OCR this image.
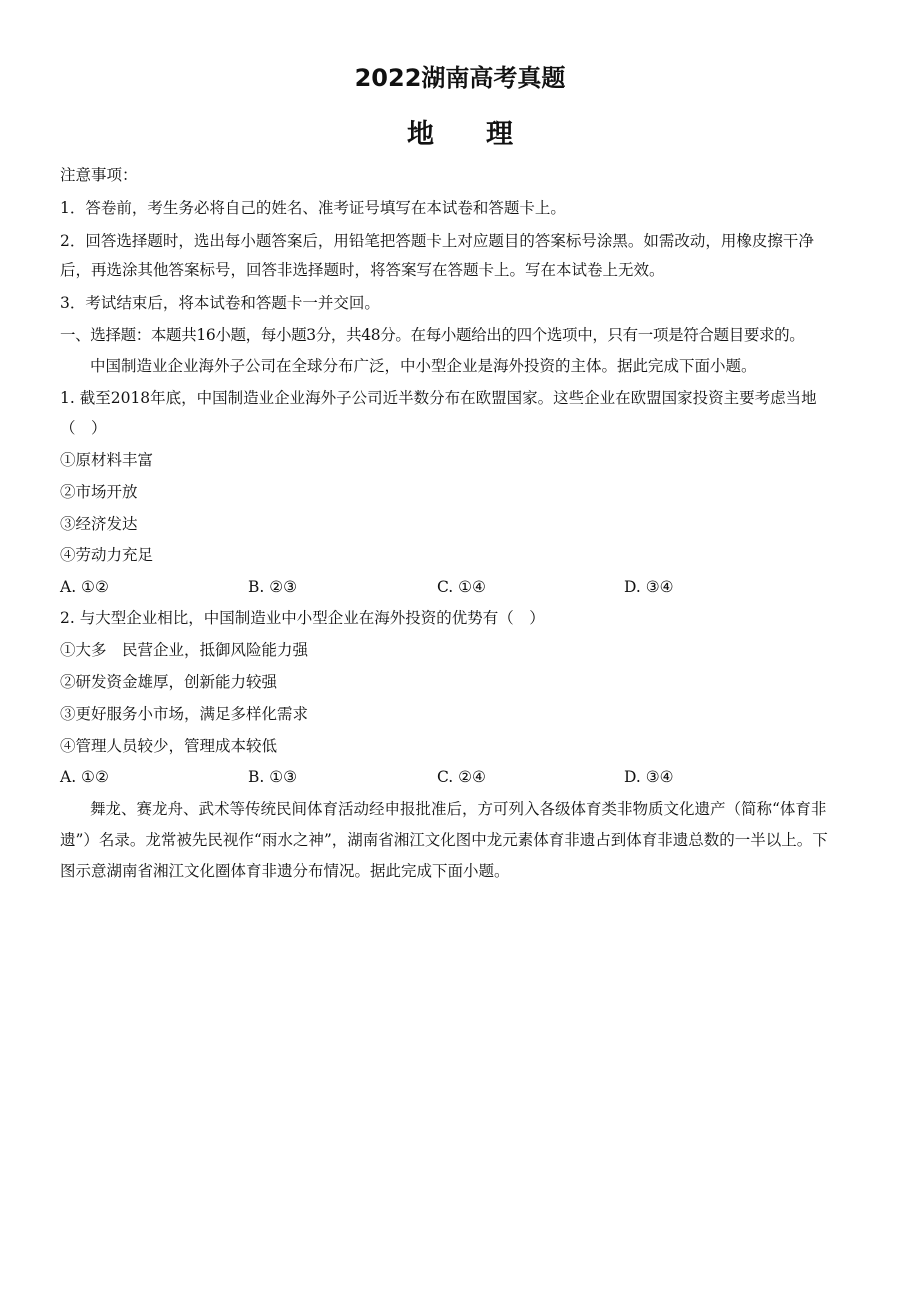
2022湖南高考真题
地理
注意事项：
1．答卷前，考生务必将自己的姓名、准考证号填写在本试卷和答题卡上。
2．回答选择题时，选出每小题答案后，用铅笔把答题卡上对应题目的答案标号涂黑。如需改动，用橡皮擦干净
后，再选涂其他答案标号，回答非选择题时，将答案写在答题卡上。写在本试卷上无效。
3．考试结束后，将本试卷和答题卡一并交回。
一、选择题：本题共16小题，每小题3分，共48分。在每小题给出的四个选项中，只有一项是符合题目要求的。
中国制造业企业海外子公司在全球分布广泛，中小型企业是海外投资的主体。据此完成下面小题。
1. 截至2018年底，中国制造业企业海外子公司近半数分布在欧盟国家。这些企业在欧盟国家投资主要考虑当地
（　）
①原材料丰富
②市场开放
③经济发达
④劳动力充足
A. ①②	B. ②③	C. ①④	D. ③④
2. 与大型企业相比，中国制造业中小型企业在海外投资的优势有（　）
①大多　民营企业，抵御风险能力强
②研发资金雄厚，创新能力较强
③更好服务小市场，满足多样化需求
④管理人员较少，管理成本较低
A. ①②	B. ①③	C. ②④	D. ③④
舞龙、赛龙舟、武术等传统民间体育活动经申报批准后，方可列入各级体育类非物质文化遗产（简称“体育非
遗”）名录。龙常被先民视作“雨水之神”，湖南省湘江文化图中龙元素体育非遗占到体育非遗总数的一半以上。下
图示意湖南省湘江文化圈体育非遗分布情况。据此完成下面小题。
